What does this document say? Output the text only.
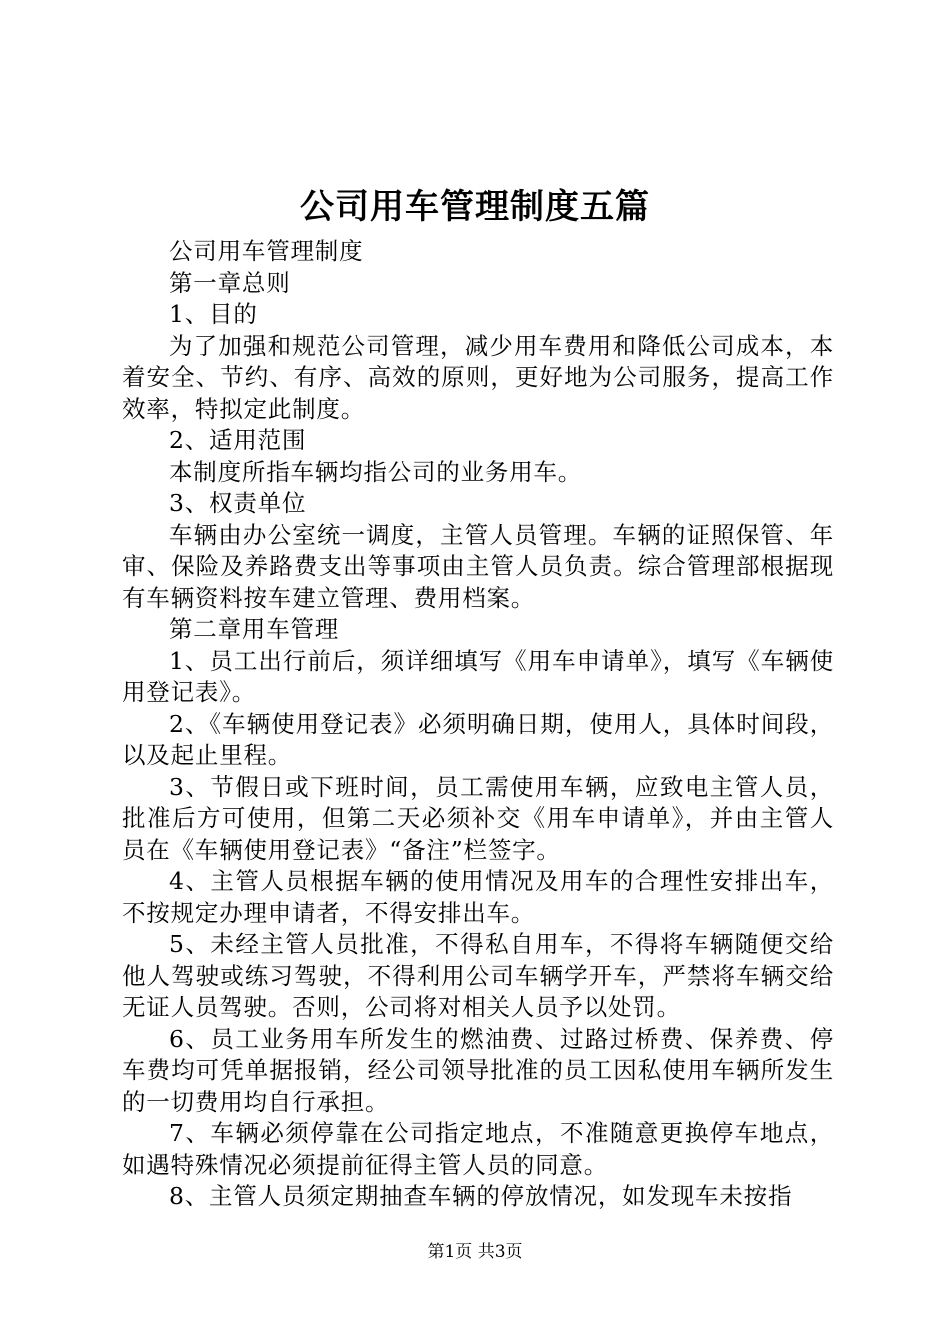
公司用车管理制度五篇

公司用车管理制度

第一章总则

1、目的

为了加强和规范公司管理，减少用车费用和降低公司成本，本着安全、节约、有序、高效的原则，更好地为公司服务，提高工作效率，特拟定此制度。

2、适用范围

本制度所指车辆均指公司的业务用车。

3、权责单位

车辆由办公室统一调度，主管人员管理。车辆的证照保管、年审、保险及养路费支出等事项由主管人员负责。综合管理部根据现有车辆资料按车建立管理、费用档案。

第二章用车管理

1、员工出行前后，须详细填写《用车申请单》，填写《车辆使用登记表》。

2、《车辆使用登记表》必须明确日期，使用人，具体时间段，以及起止里程。

3、节假日或下班时间，员工需使用车辆，应致电主管人员，批准后方可使用，但第二天必须补交《用车申请单》，并由主管人员在《车辆使用登记表》“备注”栏签字。

4、主管人员根据车辆的使用情况及用车的合理性安排出车，不按规定办理申请者，不得安排出车。

5、未经主管人员批准，不得私自用车，不得将车辆随便交给他人驾驶或练习驾驶，不得利用公司车辆学开车，严禁将车辆交给无证人员驾驶。否则，公司将对相关人员予以处罚。

6、员工业务用车所发生的燃油费、过路过桥费、保养费、停车费均可凭单据报销，经公司领导批准的员工因私使用车辆所发生的一切费用均自行承担。

7、车辆必须停靠在公司指定地点，不准随意更换停车地点，如遇特殊情况必须提前征得主管人员的同意。

8、主管人员须定期抽查车辆的停放情况，如发现车未按指

第1页 共3页
